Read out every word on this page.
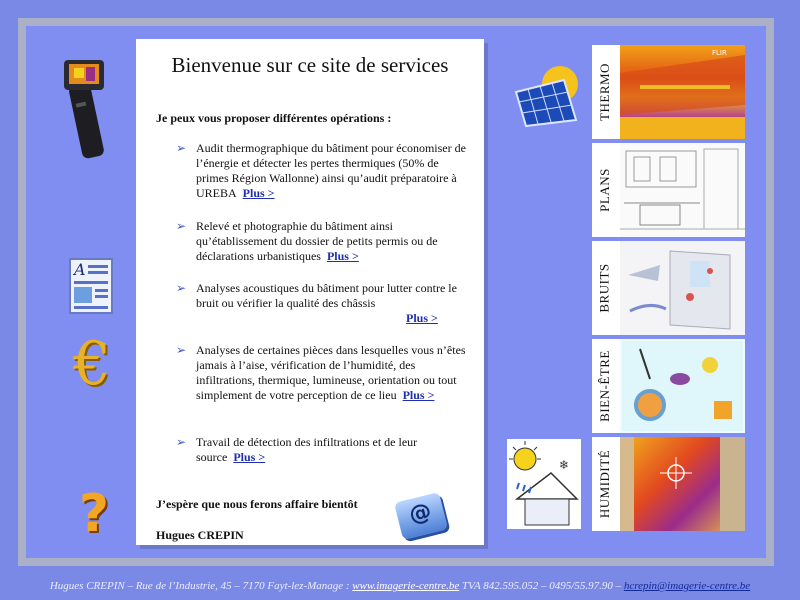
A
€
?
Bienvenue sur ce site de services
Je peux vous proposer différentes opérations :
➢ Audit thermographique du bâtiment pour économiser de l’énergie et détecter les pertes thermiques (50% de primes Région Wallonne) ainsi qu’audit préparatoire à UREBA Plus >
➢ Relevé et photographie du bâtiment ainsi qu’établissement du dossier de petits permis ou de déclarations urbanistiques Plus >
➢ Analyses acoustiques du bâtiment pour lutter contre le bruit ou vérifier la qualité des châssis
Plus >
➢ Analyses de certaines pièces dans lesquelles vous n’êtes jamais à l’aise, vérification de l’humidité, des infiltrations, thermique, lumineuse, orientation ou tout simplement de votre perception de ce lieu Plus >
➢ Travail de détection des infiltrations et de leur source Plus >
J’espère que nous ferons affaire bientôt
Hugues CREPIN
@
THERMO
FLIR
PLANS
BRUITS
BIEN-ÊTRE
HUMIDITÉ
❄
Hugues CREPIN – Rue de l’Industrie, 45 – 7170 Fayt-lez-Manage : www.imagerie-centre.be TVA 842.595.052 – 0495/55.97.90 – hcrepin@imagerie-centre.be
